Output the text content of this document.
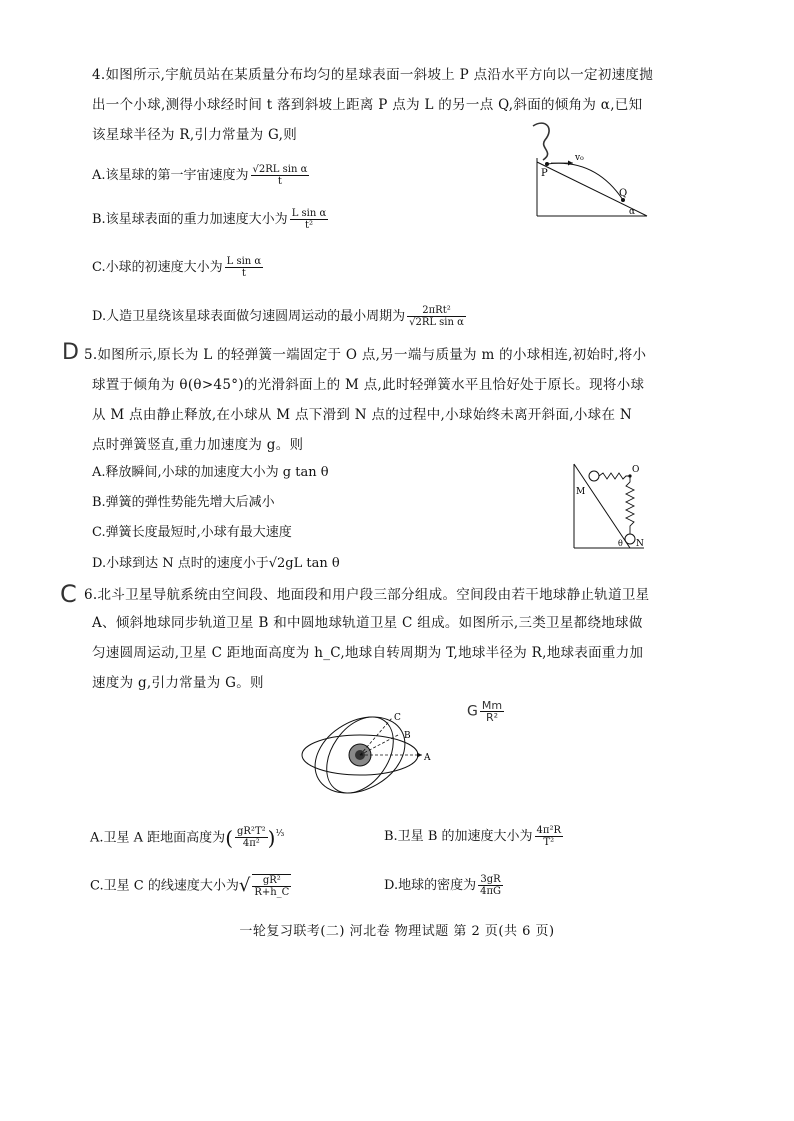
4.如图所示,宇航员站在某质量分布均匀的星球表面一斜坡上 P 点沿水平方向以一定初速度抛
出一个小球,测得小球经时间 t 落到斜坡上距离 P 点为 L 的另一点 Q,斜面的倾角为 α,已知
该星球半径为 R,引力常量为 G,则
A.该星球的第一宇宙速度为 $\frac{\text{√2RL sin α}}{t}$
B.该星球表面的重力加速度大小为 $\frac{\text{L sin α}}{\text{t²}}$
C.小球的初速度大小为 $\frac{\text{L sin α}}{t}$
D.人造卫星绕该星球表面做匀速圆周运动的最小周期为 $\frac{\text{2πRt²}}{\text{√2RL sin α}}$
P
v₀
Q
α
D 5.如图所示,原长为 L 的轻弹簧一端固定于 O 点,另一端与质量为 m 的小球相连,初始时,将小
球置于倾角为 θ(θ>45°)的光滑斜面上的 M 点,此时轻弹簧水平且恰好处于原长。现将小球
从 M 点由静止释放,在小球从 M 点下滑到 N 点的过程中,小球始终未离开斜面,小球在 N
点时弹簧竖直,重力加速度为 g。则
A.释放瞬间,小球的加速度大小为 g tan θ
B.弹簧的弹性势能先增大后减小
C.弹簧长度最短时,小球有最大速度
D.小球到达 N 点时的速度小于√2gL tan θ
O
M
N
θ
C 6.北斗卫星导航系统由空间段、地面段和用户段三部分组成。空间段由若干地球静止轨道卫星
A、倾斜地球同步轨道卫星 B 和中圆地球轨道卫星 C 组成。如图所示,三类卫星都绕地球做
匀速圆周运动,卫星 C 距地面高度为 h_C,地球自转周期为 T,地球半径为 R,地球表面重力加
速度为 g,引力常量为 G。则
G $\frac{Mm}{\text{R²}}$
A
B
C
A.卫星 A 距地面高度为( $\frac{\text{gR²T²}}{\text{4π²}} )^{\frac{1}{3}}$	B.卫星 B 的加速度大小为 $\frac{\text{4π²R}}{\text{T²}}$
C.卫星 C 的线速度大小为√ $\frac{\text{gR²}}{R+h\_C}$	D.地球的密度为 $\frac{3gR}{4\pi G}$
一轮复习联考(二) 河北卷 物理试题 第 2 页(共 6 页)
